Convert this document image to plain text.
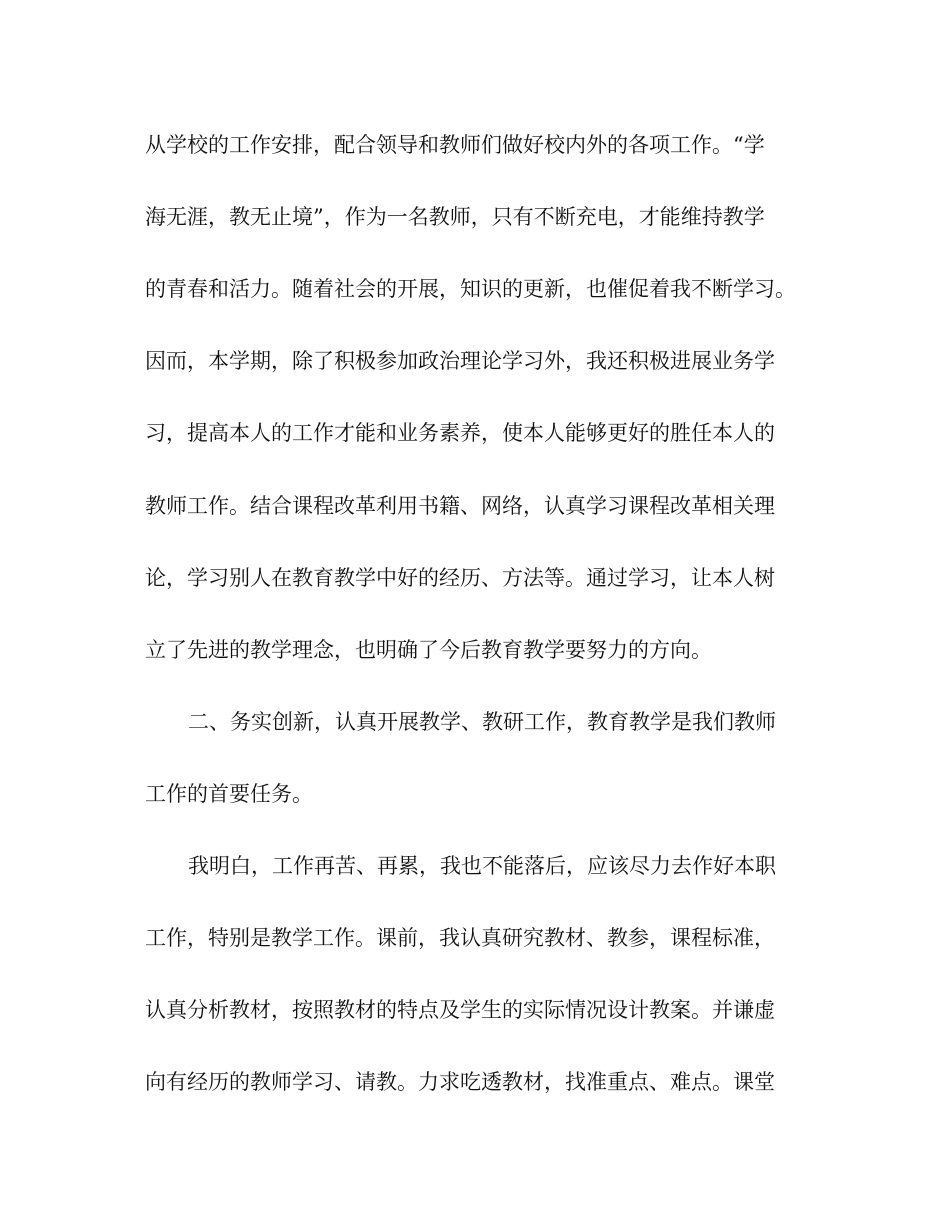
从学校的工作安排，配合领导和教师们做好校内外的各项工作。“学
海无涯，教无止境”，作为一名教师，只有不断充电，才能维持教学
的青春和活力。随着社会的开展，知识的更新，也催促着我不断学习。
因而，本学期，除了积极参加政治理论学习外，我还积极进展业务学
习，提高本人的工作才能和业务素养，使本人能够更好的胜任本人的
教师工作。结合课程改革利用书籍、网络，认真学习课程改革相关理
论，学习别人在教育教学中好的经历、方法等。通过学习，让本人树
立了先进的教学理念，也明确了今后教育教学要努力的方向。
二、务实创新，认真开展教学、教研工作，教育教学是我们教师
工作的首要任务。
我明白，工作再苦、再累，我也不能落后，应该尽力去作好本职
工作，特别是教学工作。课前，我认真研究教材、教参，课程标准，
认真分析教材，按照教材的特点及学生的实际情况设计教案。并谦虚
向有经历的教师学习、请教。力求吃透教材，找准重点、难点。课堂
